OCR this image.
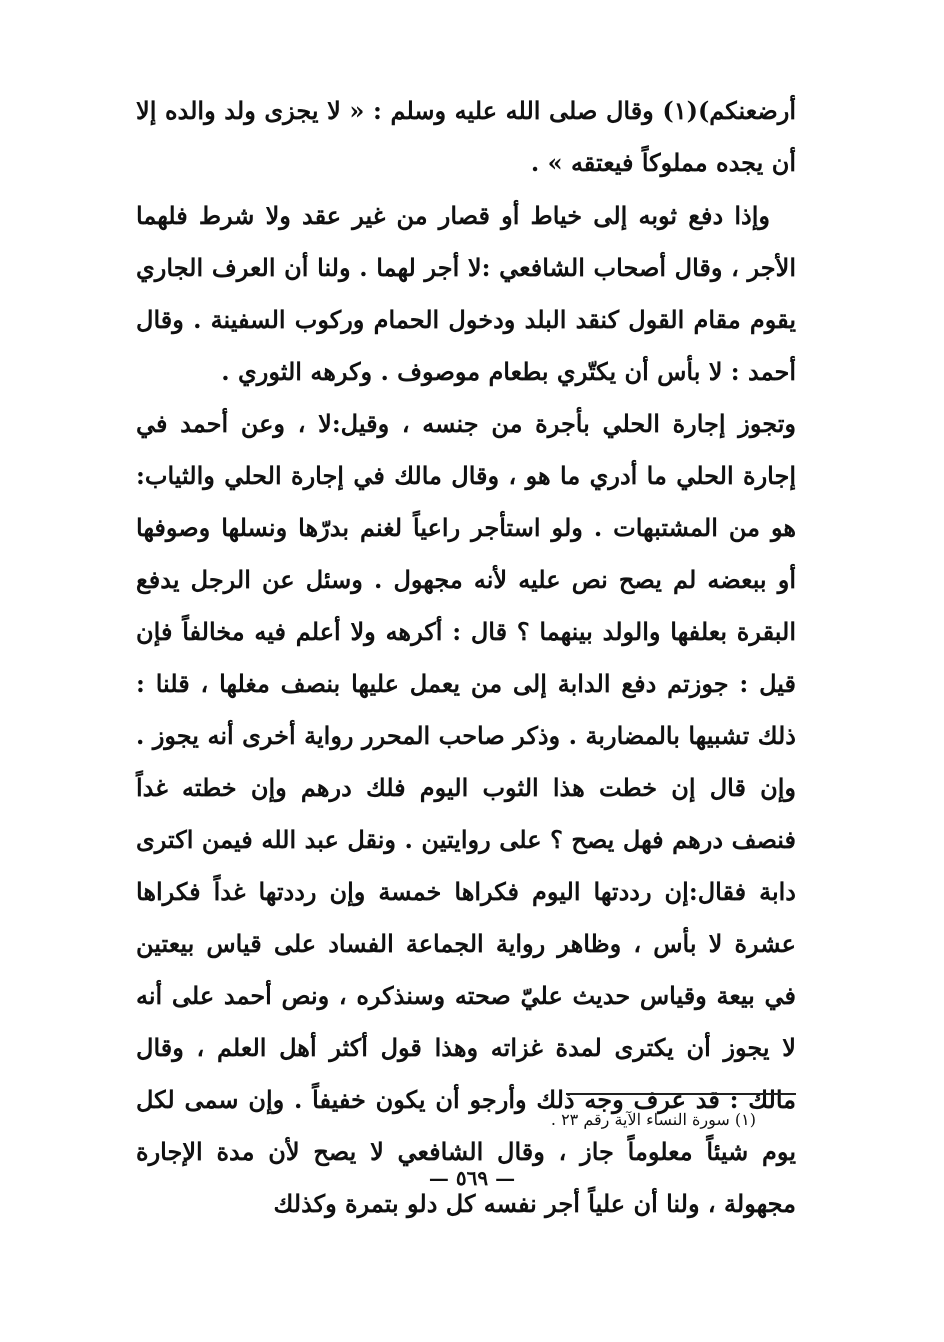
أرضعنكم)(١) وقال صلى الله عليه وسلم : « لا يجزى ولد والده إلا أن يجده مملوكاً فيعتقه » .

وإذا دفع ثوبه إلى خياط أو قصار من غير عقد ولا شرط فلهما الأجر ، وقال أصحاب الشافعي :لا أجر لهما . ولنا أن العرف الجاري يقوم مقام القول كنقد البلد ودخول الحمام وركوب السفينة . وقال أحمد : لا بأس أن يكتّري بطعام موصوف . وكرهه الثوري .

وتجوز إجارة الحلي بأجرة من جنسه ، وقيل:لا ، وعن أحمد في إجارة الحلي ما أدري ما هو ، وقال مالك في إجارة الحلي والثياب: هو من المشتبهات . ولو استأجر راعياً لغنم بدرّها ونسلها وصوفها أو ببعضه لم يصح نص عليه لأنه مجهول . وسئل عن الرجل يدفع البقرة بعلفها والولد بينهما ؟ قال : أكرهه ولا أعلم فيه مخالفاً فإن قيل : جوزتم دفع الدابة إلى من يعمل عليها بنصف مغلها ، قلنا : ذلك تشبيها بالمضاربة . وذكر صاحب المحرر رواية أخرى أنه يجوز . وإن قال إن خطت هذا الثوب اليوم فلك درهم وإن خطته غداً فنصف درهم فهل يصح ؟ على روايتين . ونقل عبد الله فيمن اكترى دابة فقال:إن رددتها اليوم فكراها خمسة وإن رددتها غداً فكراها عشرة لا بأس ، وظاهر رواية الجماعة الفساد على قياس بيعتين في بيعة وقياس حديث عليّ صحته وسنذكره ، ونص أحمد على أنه لا يجوز أن يكترى لمدة غزاته وهذا قول أكثر أهل العلم ، وقال مالك : قد عرف وجه ذلك وأرجو أن يكون خفيفاً . وإن سمى لكل يوم شيئاً معلوماً جاز ، وقال الشافعي لا يصح لأن مدة الإجارة مجهولة ، ولنا أن علياً أجر نفسه كل دلو بتمرة وكذلك

(١) سورة النساء الآية رقم ٢٣ .
— ٥٦٩ —
